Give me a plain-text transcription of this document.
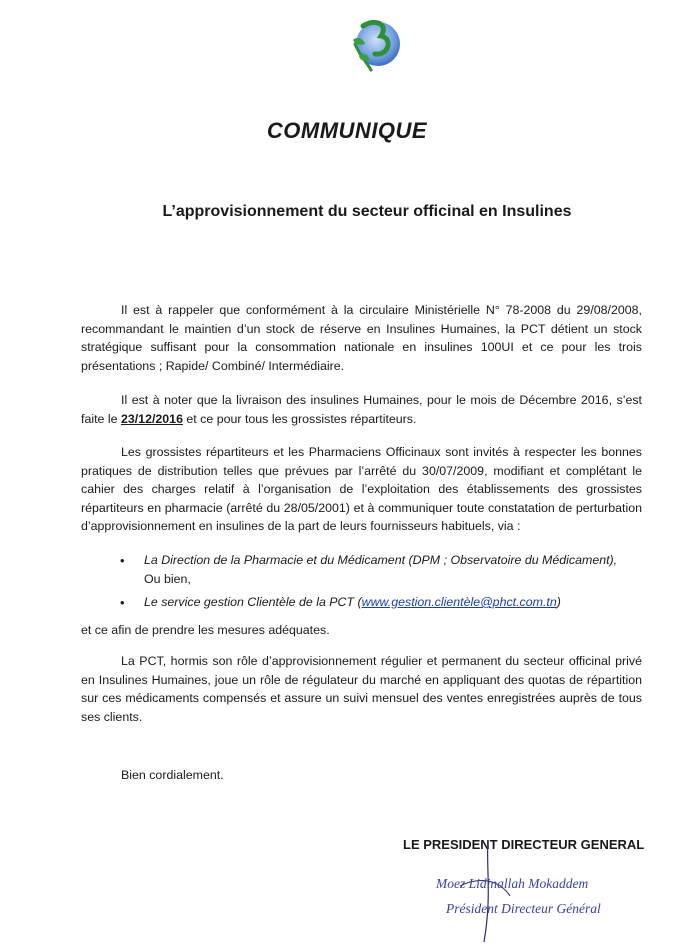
COMMUNIQUE
L’approvisionnement du secteur officinal en Insulines

Il est à rappeler que conformément à la circulaire Ministérielle N° 78-2008 du 29/08/2008, recommandant le maintien d’un stock de réserve en Insulines Humaines, la PCT détient un stock stratégique suffisant pour la consommation nationale en insulines 100UI et ce pour les trois présentations ; Rapide/ Combiné/ Intermédiaire.

Il est à noter que la livraison des insulines Humaines, pour le mois de Décembre 2016, s’est faite le 23/12/2016 et ce pour tous les grossistes répartiteurs.

Les grossistes répartiteurs et les Pharmaciens Officinaux sont invités à respecter les bonnes pratiques de distribution telles que prévues par l’arrêté du 30/07/2009, modifiant et complétant le cahier des charges relatif à l’organisation de l’exploitation des établissements des grossistes répartiteurs en pharmacie (arrêté du 28/05/2001) et à communiquer toute constatation de perturbation d’approvisionnement en insulines de la part de leurs fournisseurs habituels, via :

• La Direction de la Pharmacie et du Médicament (DPM ; Observatoire du Médicament),
Ou bien,
• Le service gestion Clientèle de la PCT (www.gestion.clientèle@phct.com.tn)

et ce afin de prendre les mesures adéquates.

La PCT, hormis son rôle d’approvisionnement régulier et permanent du secteur officinal privé en Insulines Humaines, joue un rôle de régulateur du marché en appliquant des quotas de répartition sur ces médicaments compensés et assure un suivi mensuel des ventes enregistrées auprès de tous ses clients.

Bien cordialement.
LE PRESIDENT DIRECTEUR GENERAL
Moez Lidinallah Mokaddem
Président Directeur Général
